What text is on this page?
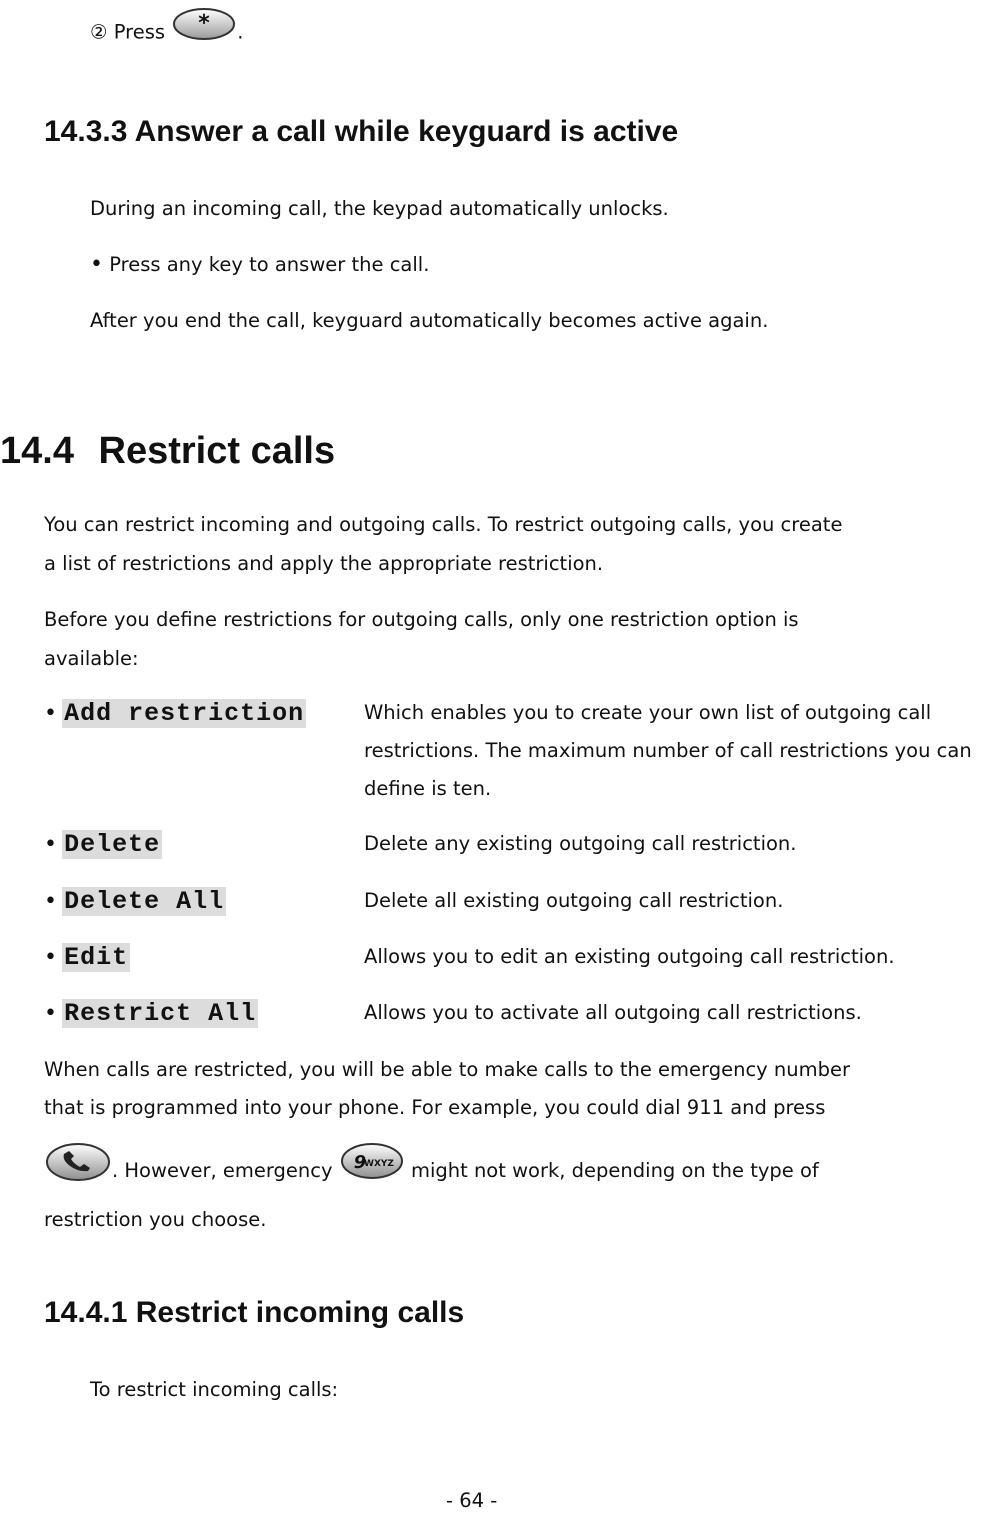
② Press * .
14.3.3 Answer a call while keyguard is active
During an incoming call, the keypad automatically unlocks.
• Press any key to answer the call.
After you end the call, keyguard automatically becomes active again.
14.4 Restrict calls
You can restrict incoming and outgoing calls. To restrict outgoing calls, you create
a list of restrictions and apply the appropriate restriction.
Before you define restrictions for outgoing calls, only one restriction option is
available:
• Add restriction	Which enables you to create your own list of outgoing call restrictions. The maximum number of call restrictions you can define is ten.
• Delete	Delete any existing outgoing call restriction.
• Delete All	Delete all existing outgoing call restriction.
• Edit	Allows you to edit an existing outgoing call restriction.
• Restrict All	Allows you to activate all outgoing call restrictions.
When calls are restricted, you will be able to make calls to the emergency number
that is programmed into your phone. For example, you could dial 911 and press
. However, emergency 9
WXYZ might not work, depending on the type of
restriction you choose.
14.4.1 Restrict incoming calls
To restrict incoming calls:
- 64 -
